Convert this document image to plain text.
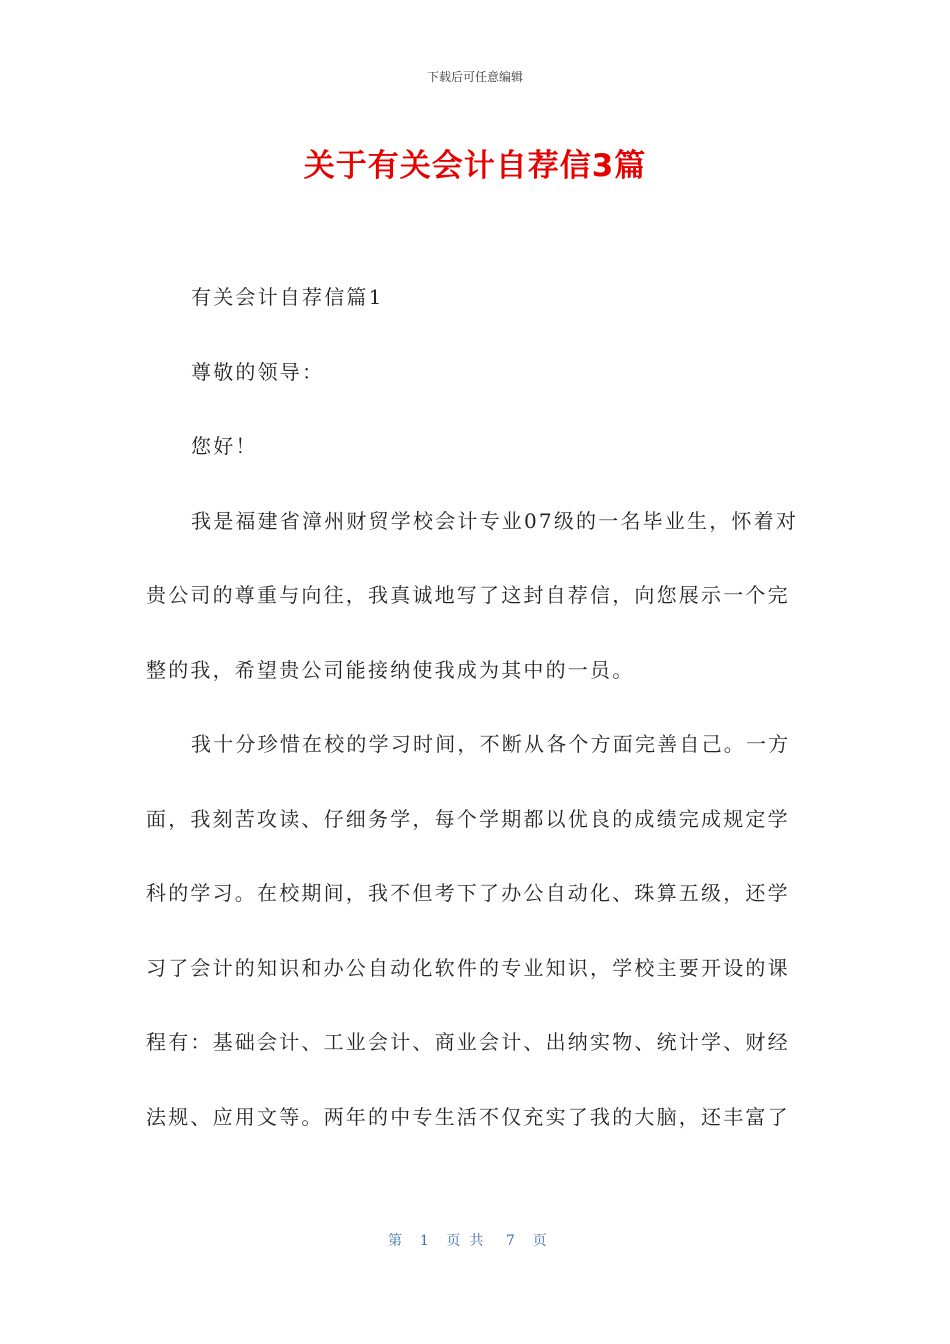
下载后可任意编辑
关于有关会计自荐信3篇

有关会计自荐信篇1

尊敬的领导：

您好！

我是福建省漳州财贸学校会计专业07级的一名毕业生，怀着对贵公司的尊重与向往，我真诚地写了这封自荐信，向您展示一个完整的我，希望贵公司能接纳使我成为其中的一员。

我十分珍惜在校的学习时间，不断从各个方面完善自己。一方面，我刻苦攻读、仔细务学，每个学期都以优良的成绩完成规定学科的学习。在校期间，我不但考下了办公自动化、珠算五级，还学习了会计的知识和办公自动化软件的专业知识，学校主要开设的课程有：基础会计、工业会计、商业会计、出纳实物、统计学、财经法规、应用文等。两年的中专生活不仅充实了我的大脑，还丰富了

第 1 页共 7 页
